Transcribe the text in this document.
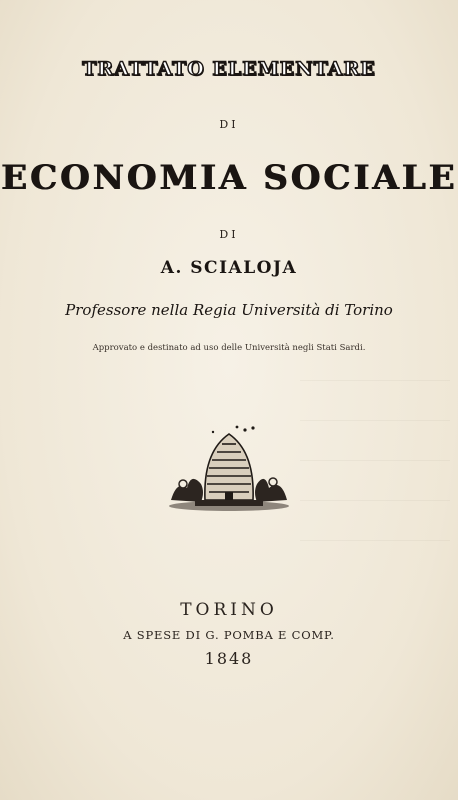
TRATTATO ELEMENTARE
DI
ECONOMIA SOCIALE
DI
A. SCIALOJA
Professore nella Regia Università di Torino
Approvato e destinato ad uso delle Università negli Stati Sardi.
TORINO
A SPESE DI G. POMBA E COMP.
1848
